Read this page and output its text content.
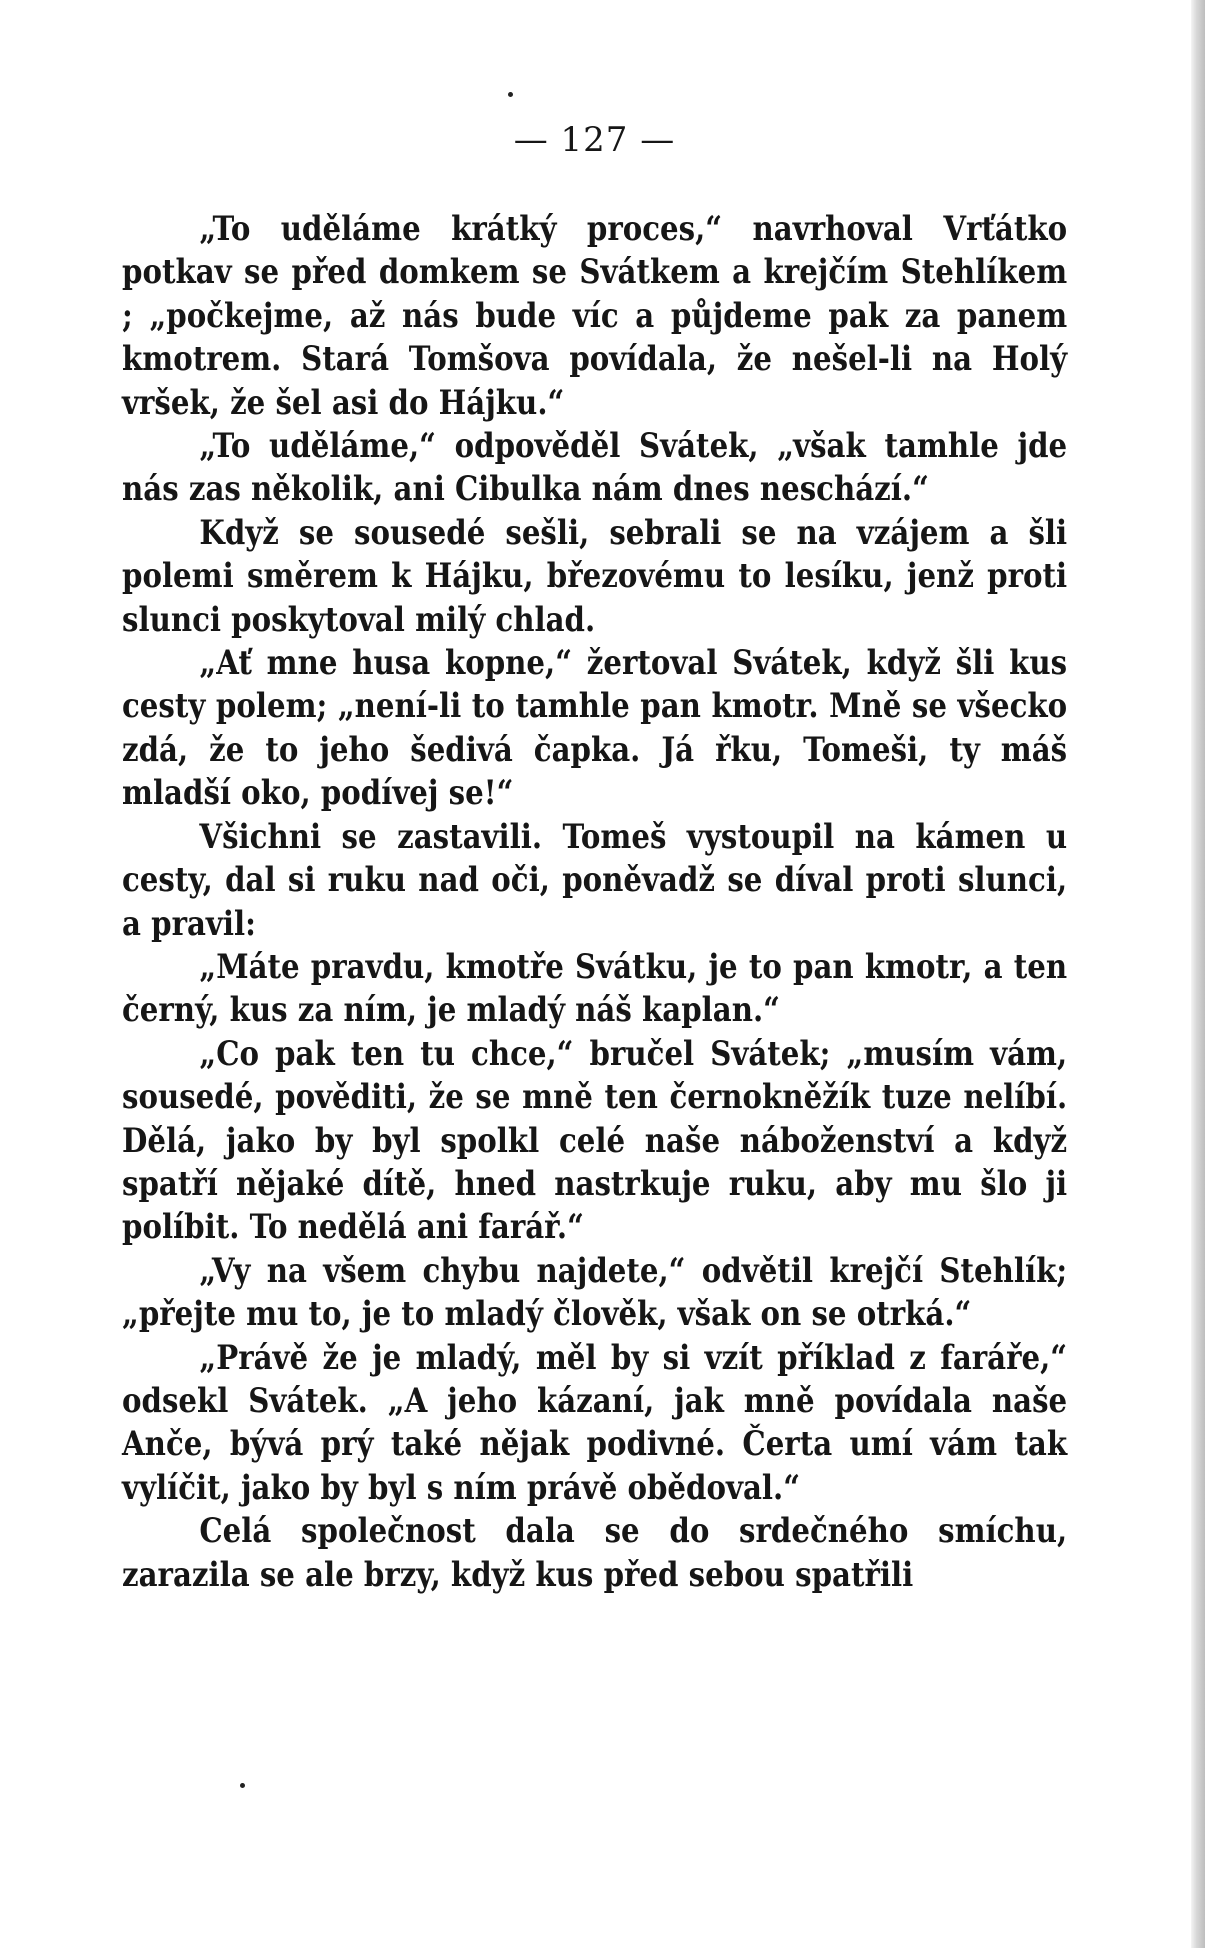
— 127 —

„To uděláme krátký proces,“ navrhoval Vrťátko potkav se před domkem se Svátkem a krejčím Stehlíkem ; „počkejme, až nás bude víc a půjdeme pak za panem kmotrem. Stará Tomšova povídala, že nešel-li na Holý vršek, že šel asi do Hájku.“

„To uděláme,“ odpověděl Svátek, „však tamhle jde nás zas několik, ani Cibulka nám dnes neschází.“

Když se sousedé sešli, sebrali se na vzájem a šli polemi směrem k Hájku, březovému to lesíku, jenž proti slunci poskytoval milý chlad.

„Ať mne husa kopne,“ žertoval Svátek, když šli kus cesty polem; „není-li to tamhle pan kmotr. Mně se všecko zdá, že to jeho šedivá čapka. Já řku, Tomeši, ty máš mladší oko, podívej se!“

Všichni se zastavili. Tomeš vystoupil na kámen u cesty, dal si ruku nad oči, poněvadž se díval proti slunci, a pravil:

„Máte pravdu, kmotře Svátku, je to pan kmotr, a ten černý, kus za ním, je mladý náš kaplan.“

„Co pak ten tu chce,“ bručel Svátek; „musím vám, sousedé, pověditi, že se mně ten černokněžík tuze nelíbí. Dělá, jako by byl spolkl celé naše náboženství a když spatří nějaké dítě, hned nastrkuje ruku, aby mu šlo ji políbit. To nedělá ani farář.“

„Vy na všem chybu najdete,“ odvětil krejčí Stehlík; „přejte mu to, je to mladý člověk, však on se otrká.“

„Právě že je mladý, měl by si vzít příklad z faráře,“ odsekl Svátek. „A jeho kázaní, jak mně povídala naše Anče, bývá prý také nějak podivné. Čerta umí vám tak vylíčit, jako by byl s ním právě obědoval.“

Celá společnost dala se do srdečného smíchu, zarazila se ale brzy, když kus před sebou spatřili
